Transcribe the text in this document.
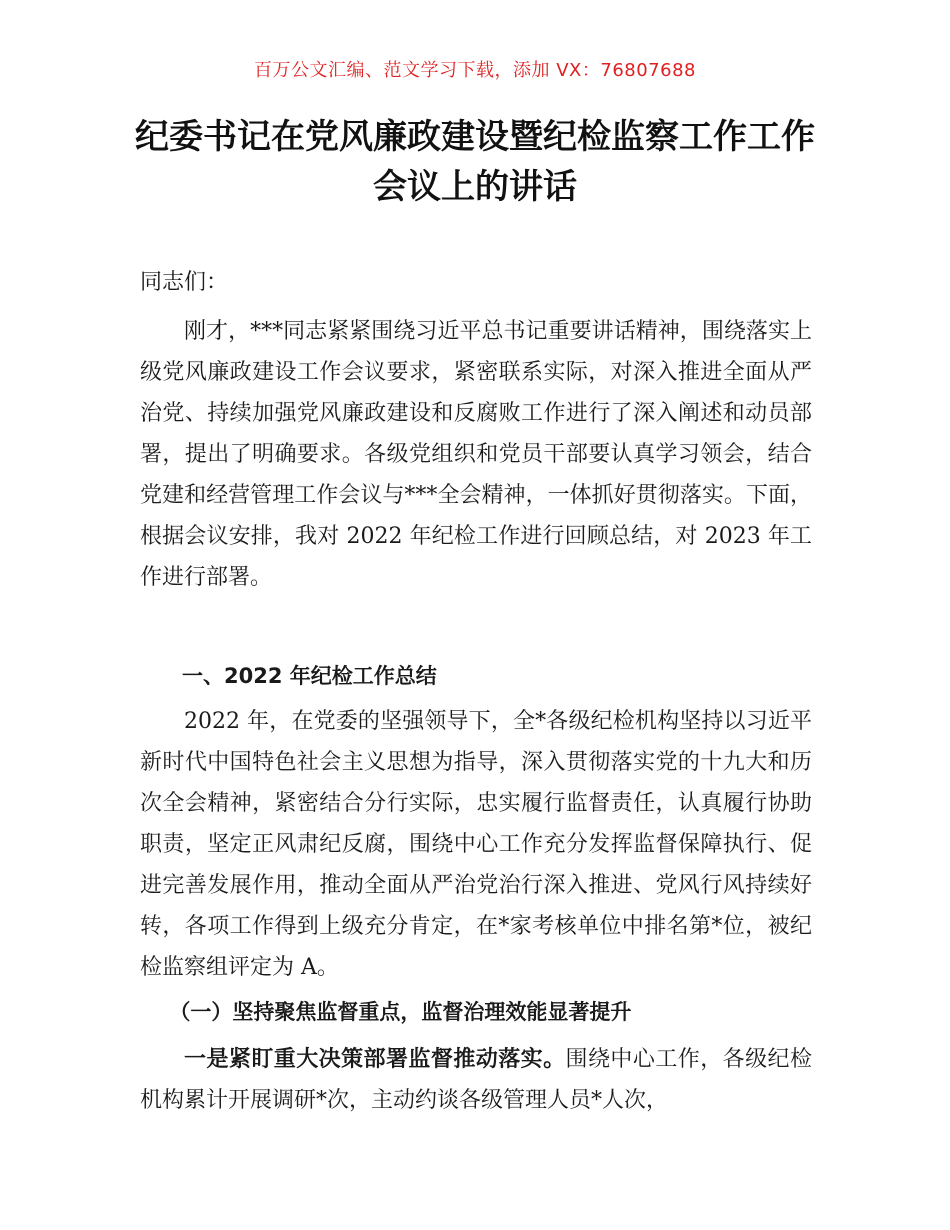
百万公文汇编、范文学习下载，添加 VX：76807688
纪委书记在党风廉政建设暨纪检监察工作工作会议上的讲话

同志们：

刚才，***同志紧紧围绕习近平总书记重要讲话精神，围绕落实上级党风廉政建设工作会议要求，紧密联系实际，对深入推进全面从严治党、持续加强党风廉政建设和反腐败工作进行了深入阐述和动员部署，提出了明确要求。各级党组织和党员干部要认真学习领会，结合党建和经营管理工作会议与***全会精神，一体抓好贯彻落实。下面，根据会议安排，我对 2022 年纪检工作进行回顾总结，对 2023 年工作进行部署。

一、2022 年纪检工作总结

2022 年，在党委的坚强领导下，全*各级纪检机构坚持以习近平新时代中国特色社会主义思想为指导，深入贯彻落实党的十九大和历次全会精神，紧密结合分行实际，忠实履行监督责任，认真履行协助职责，坚定正风肃纪反腐，围绕中心工作充分发挥监督保障执行、促进完善发展作用，推动全面从严治党治行深入推进、党风行风持续好转，各项工作得到上级充分肯定，在*家考核单位中排名第*位，被纪检监察组评定为 A。

（一）坚持聚焦监督重点，监督治理效能显著提升

一是紧盯重大决策部署监督推动落实。围绕中心工作，各级纪检机构累计开展调研*次，主动约谈各级管理人员*人次，
